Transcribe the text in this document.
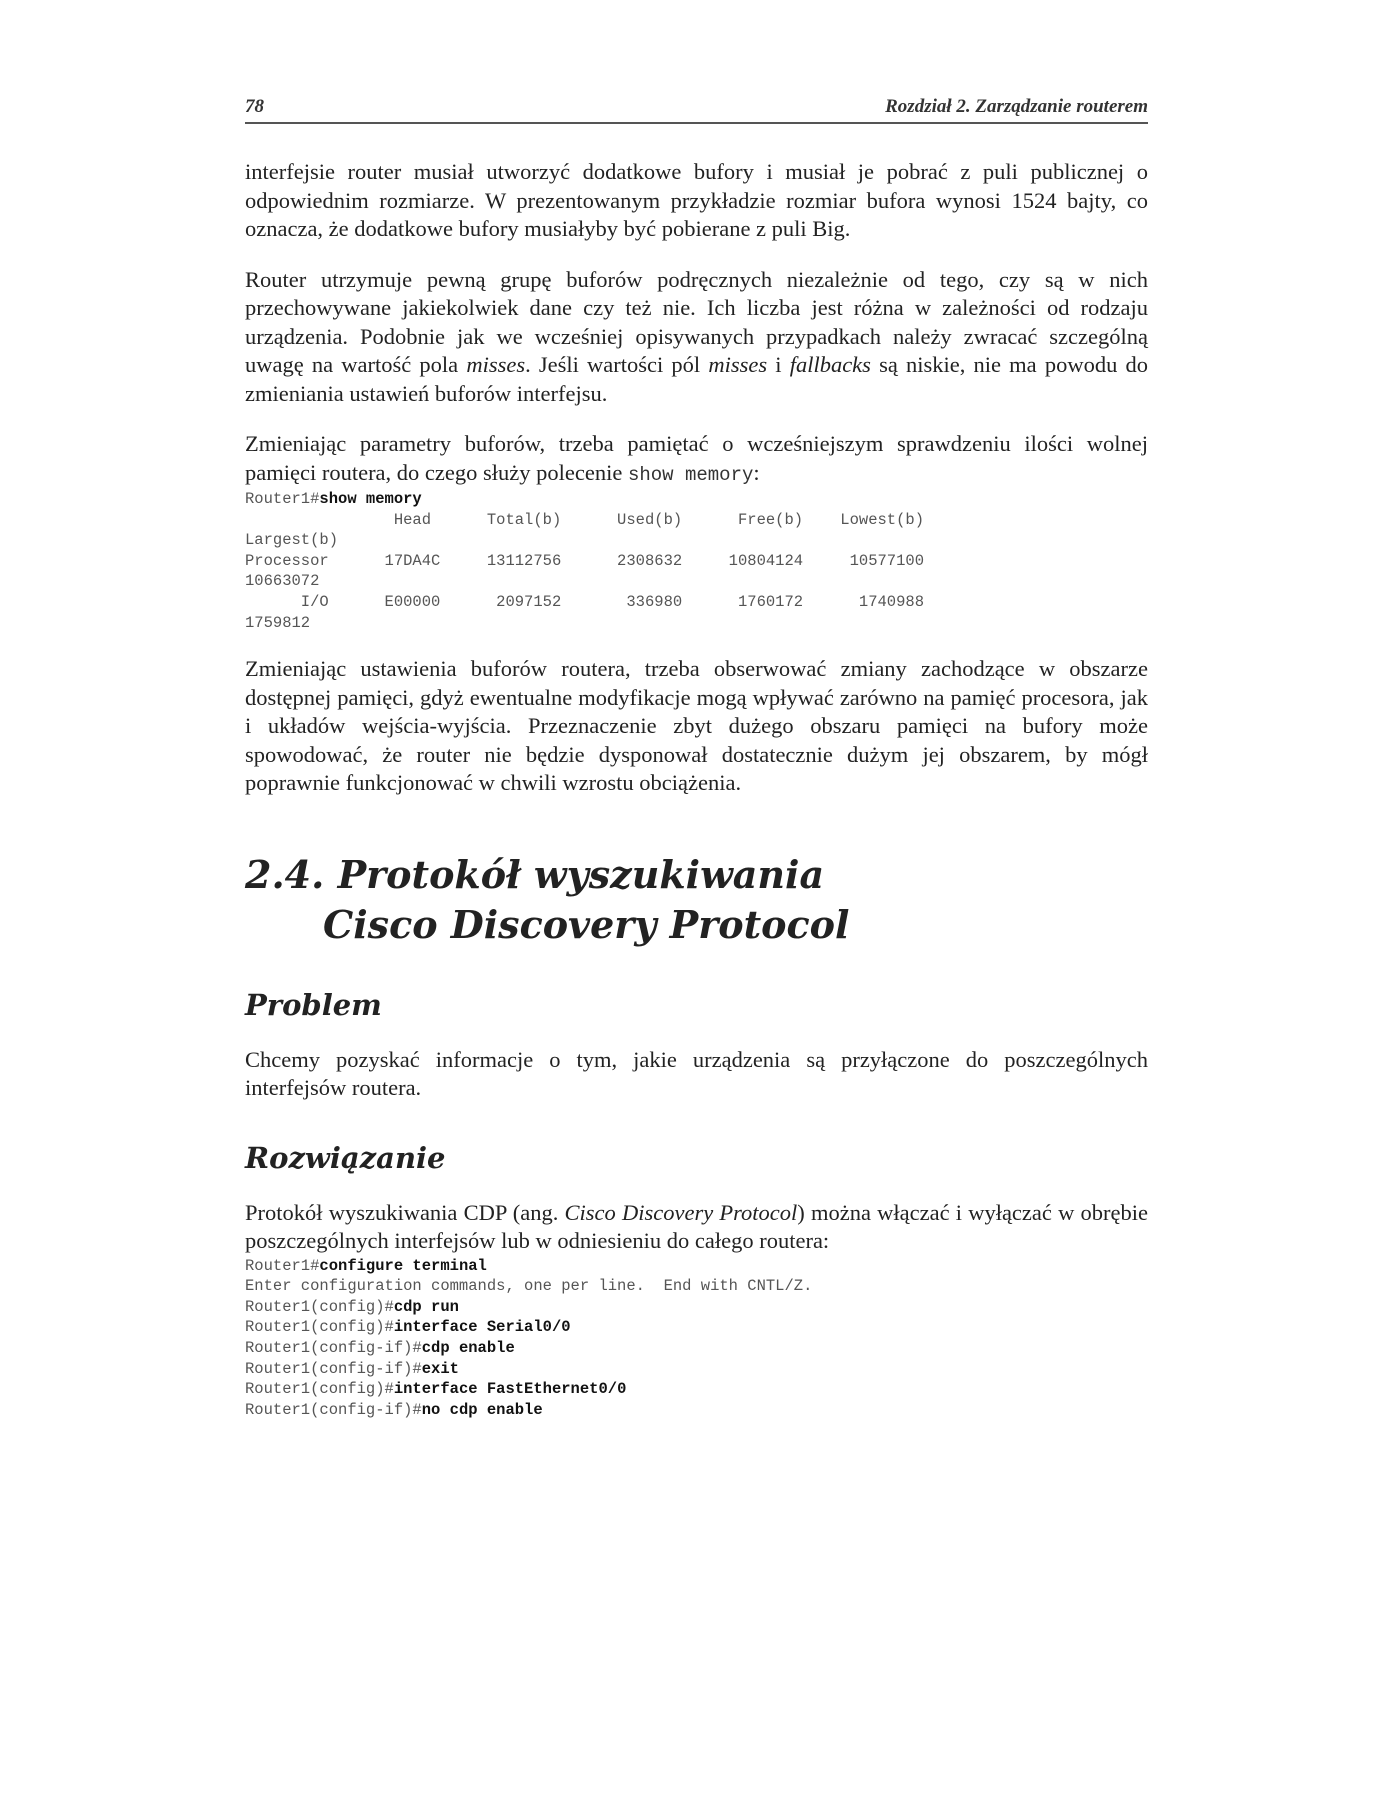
78	Rozdział 2. Zarządzanie routerem

interfejsie router musiał utworzyć dodatkowe bufory i musiał je pobrać z puli publicznej o odpowiednim rozmiarze. W prezentowanym przykładzie rozmiar bufora wynosi 1524 bajty, co oznacza, że dodatkowe bufory musiałyby być pobierane z puli Big.

Router utrzymuje pewną grupę buforów podręcznych niezależnie od tego, czy są w nich przechowywane jakiekolwiek dane czy też nie. Ich liczba jest różna w zależności od rodzaju urządzenia. Podobnie jak we wcześniej opisywanych przypadkach należy zwracać szczególną uwagę na wartość pola misses. Jeśli wartości pól misses i fallbacks są niskie, nie ma powodu do zmieniania ustawień buforów interfejsu.

Zmieniając parametry buforów, trzeba pamiętać o wcześniejszym sprawdzeniu ilości wolnej pamięci routera, do czego służy polecenie show memory:

Router1#show memory
Head      Total(b)      Used(b)      Free(b)    Lowest(b)
Largest(b)
Processor      17DA4C     13112756      2308632     10804124     10577100
10663072
I/O      E00000      2097152       336980      1760172      1740988
1759812

Zmieniając ustawienia buforów routera, trzeba obserwować zmiany zachodzące w obszarze dostępnej pamięci, gdyż ewentualne modyfikacje mogą wpływać zarówno na pamięć procesora, jak i układów wejścia-wyjścia. Przeznaczenie zbyt dużego obszaru pamięci na bufory może spowodować, że router nie będzie dysponował dostatecznie dużym jej obszarem, by mógł poprawnie funkcjonować w chwili wzrostu obciążenia.

2.4. Protokół wyszukiwania
Cisco Discovery Protocol
Problem

Chcemy pozyskać informacje o tym, jakie urządzenia są przyłączone do poszczególnych interfejsów routera.

Rozwiązanie

Protokół wyszukiwania CDP (ang. Cisco Discovery Protocol) można włączać i wyłączać w obrębie poszczególnych interfejsów lub w odniesieniu do całego routera:

Router1#configure terminal
Enter configuration commands, one per line.  End with CNTL/Z.
Router1(config)#cdp run
Router1(config)#interface Serial0/0
Router1(config-if)#cdp enable
Router1(config-if)#exit
Router1(config)#interface FastEthernet0/0
Router1(config-if)#no cdp enable
